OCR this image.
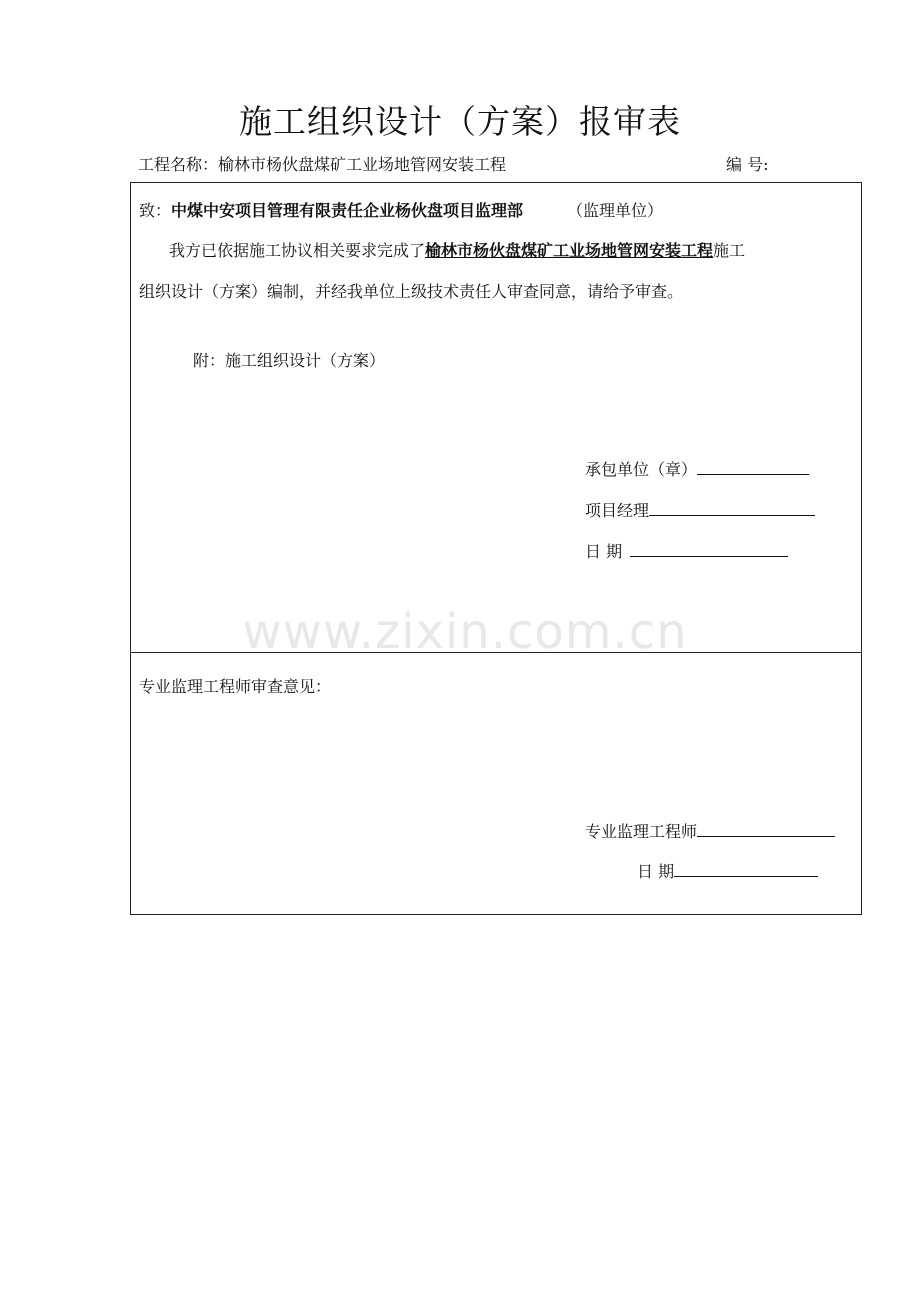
施工组织设计（方案）报审表
工程名称：榆林市杨伙盘煤矿工业场地管网安装工程	编 号:
致：中煤中安项目管理有限责任企业杨伙盘项目监理部	（监理单位）
我方已依据施工协议相关要求完成了榆林市杨伙盘煤矿工业场地管网安装工程施工
组织设计（方案）编制，并经我单位上级技术责任人审查同意，请给予审查。
附：施工组织设计（方案）
承包单位（章）
项目经理
日 期
专业监理工程师审查意见：
专业监理工程师
日 期
www.zixin.com.cn
